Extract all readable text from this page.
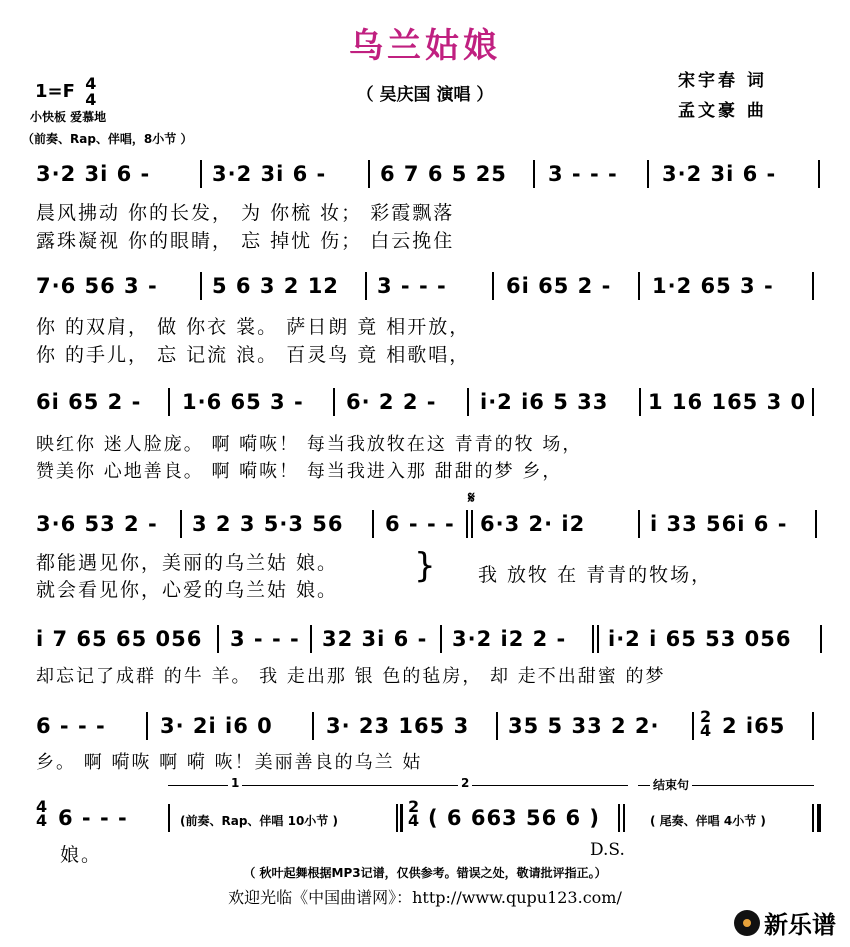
乌兰姑娘
（ 吴庆国 演唱 ）
宋宇春 词
孟文豪 曲
1=F 4
4
小快板 爱慕地
（前奏、Rap、伴唱，8小节 ）
3·2 3i 6 -	3·2 3i 6 -	6 7 6 5 25 3 - - - 3·2 3i 6 -
晨风拂动 你的长发， 为 你梳 妆； 彩霞飘落
露珠凝视 你的眼睛， 忘 掉忧 伤； 白云挽住
7·6 56 3 -	5 6 3 2 12 3 - - -	6i 65 2 - 1·2 65 3 -
你 的双肩， 做 你衣 裳。 萨日朗 竟 相开放，
你 的手儿， 忘 记流 浪。 百灵鸟 竟 相歌唱，
6i 65 2 - 1·6 65 3 - 6· 2 2 - i·2 i6 5 33 1 16 165 3 0
映红你 迷人脸庞。 啊 嗬咴！ 每当我放牧在这 青青的牧 场，
赞美你 心地善良。 啊 嗬咴！ 每当我进入那 甜甜的梦 乡，
𝄋
3·6 53 2 - 3 2 3 5·3 56 6 - - - 6·3 2· i2	i 33 56i 6 -
都能遇见你，美丽的乌兰姑 娘。
就会看见你，心爱的乌兰姑 娘。
} 我 放牧 在 青青的牧场，
i 7 65 65 056 3 - - - 32 3i 6 - 3·2 i2 2 - i·2 i 65 53 056
却忘记了成群 的牛 羊。 我 走出那 银 色的毡房， 却 走不出甜蜜 的梦
6 - - -	3· 2i i6 0	3· 23 165 3 35 5 33 2 2·	2
4 2 i65
乡。 啊 嗬咴 啊 嗬 咴！美丽善良的乌兰 姑
1	2	结束句
4
4 6 - - -	(前奏、Rap、伴唱 10小节 )
2
4 ( 6 663 56 6 )	( 尾奏、伴唱 4小节 )
娘。	D.S.
（ 秋叶起舞根据MP3记谱，仅供参考。错误之处，敬请批评指正。）
欢迎光临《中国曲谱网》：http://www.qupu123.com/
新乐谱
